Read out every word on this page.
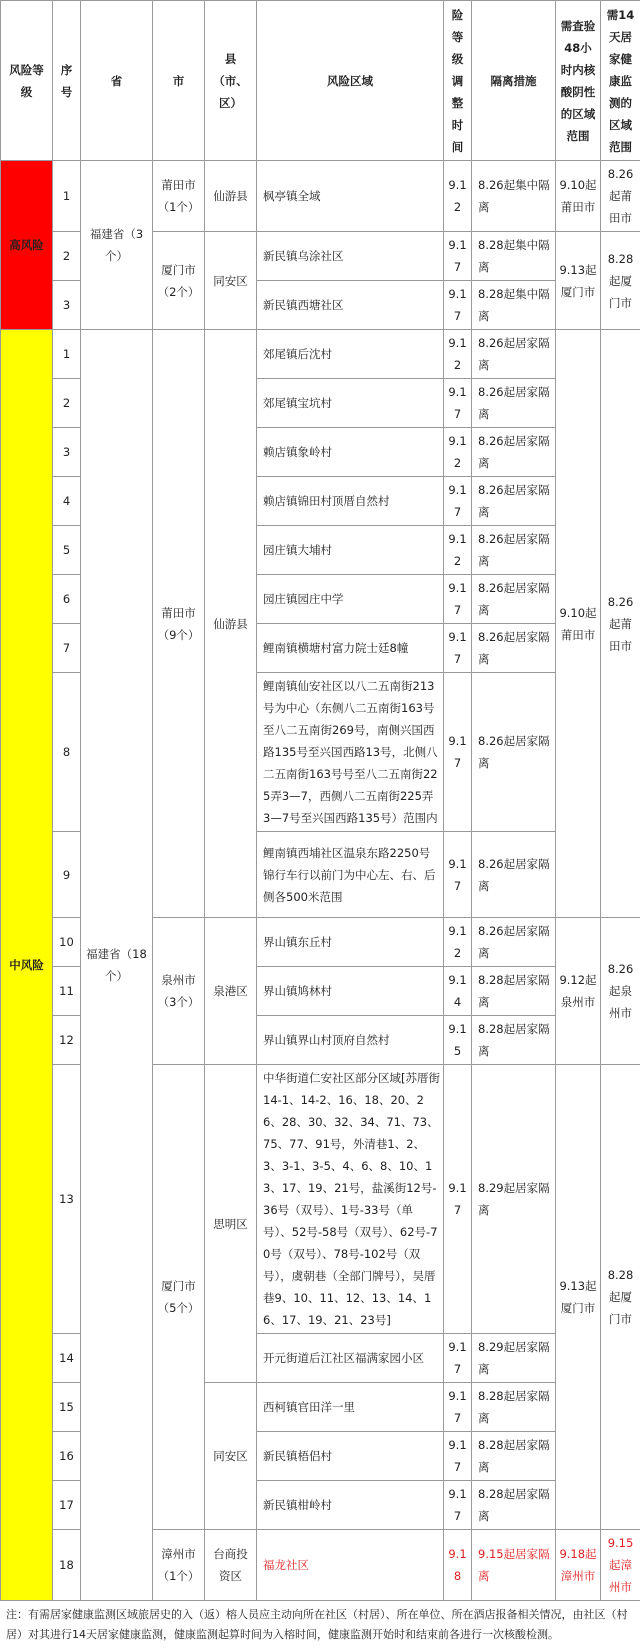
风险等级	序号	省	市	县（市、区）	风险区域	险等级调整时间	隔离措施	需查验48小时内核酸阴性的区域范围	需14天居家健康监测的区域范围
高风险	1	福建省（3个）	莆田市（1个）	仙游县	枫亭镇全域	9.12	8.26起集中隔离	9.10起莆田市	8.26起莆田市
	2		厦门市（2个）	同安区	新民镇乌涂社区	9.17	8.28起集中隔离	9.13起厦门市	8.28起厦门市
	3				新民镇西塘社区	9.17	8.28起集中隔离		
中风险	1	福建省（18个）	莆田市（9个）	仙游县	郊尾镇后沈村	9.12	8.26起居家隔离	9.10起莆田市	8.26起莆田市
	2				郊尾镇宝坑村	9.17	8.26起居家隔离		
	3				赖店镇象岭村	9.12	8.26起居家隔离		
	4				赖店镇锦田村顶厝自然村	9.17	8.26起居家隔离		
	5				园庄镇大埔村	9.12	8.26起居家隔离		
	6				园庄镇园庄中学	9.17	8.26起居家隔离		
	7				鲤南镇横塘村富力院士廷8幢	9.17	8.26起居家隔离		
	8				鲤南镇仙安社区以八二五南街213号为中心（东侧八二五南街163号至八二五南街269号，南侧兴国西路135号至兴国西路13号，北侧八二五南街163号号至八二五南街225弄3—7，西侧八二五南街225弄3—7号至兴国西路135号）范围内	9.17	8.26起居家隔离		
	9				鲤南镇西埔社区温泉东路2250号锦行车行以前门为中心左、右、后侧各500米范围	9.17	8.26起居家隔离		
	10		泉州市（3个）	泉港区	界山镇东丘村	9.12	8.26起居家隔离	9.12起泉州市	8.26起泉州市
	11				界山镇鸠林村	9.14	8.28起居家隔离		
	12				界山镇界山村顶府自然村	9.15	8.28起居家隔离		
	13		厦门市（5个）	思明区	中华街道仁安社区部分区域[苏厝街14-1、14-2、16、18、20、26、28、30、32、34、71、73、75、77、91号，外清巷1、2、3、3-1、3-5、4、6、8、10、13、17、19、21号，盐溪街12号-36号（双号）、1号-33号（单号）、52号-58号（双号）、62号-70号（双号）、78号-102号（双号），虞朝巷（全部门牌号），吴厝巷9、10、11、12、13、14、16、17、19、21、23号]	9.17	8.29起居家隔离	9.13起厦门市	8.28起厦门市
	14				开元街道后江社区福满家园小区	9.17	8.29起居家隔离		
	15			同安区	西柯镇官田洋一里	9.17	8.28起居家隔离		
	16				新民镇梧侣村	9.17	8.28起居家隔离		
	17				新民镇柑岭村	9.17	8.28起居家隔离		
	18		漳州市（1个）	台商投资区	福龙社区	9.18	9.15起居家隔离	9.18起漳州市	9.15起漳州市
注：有需居家健康监测区域旅居史的入（返）榕人员应主动向所在社区（村居）、所在单位、所在酒店报备相关情况，由社区（村居）对其进行14天居家健康监测，健康监测起算时间为入榕时间，健康监测开始时和结束前各进行一次核酸检测。
